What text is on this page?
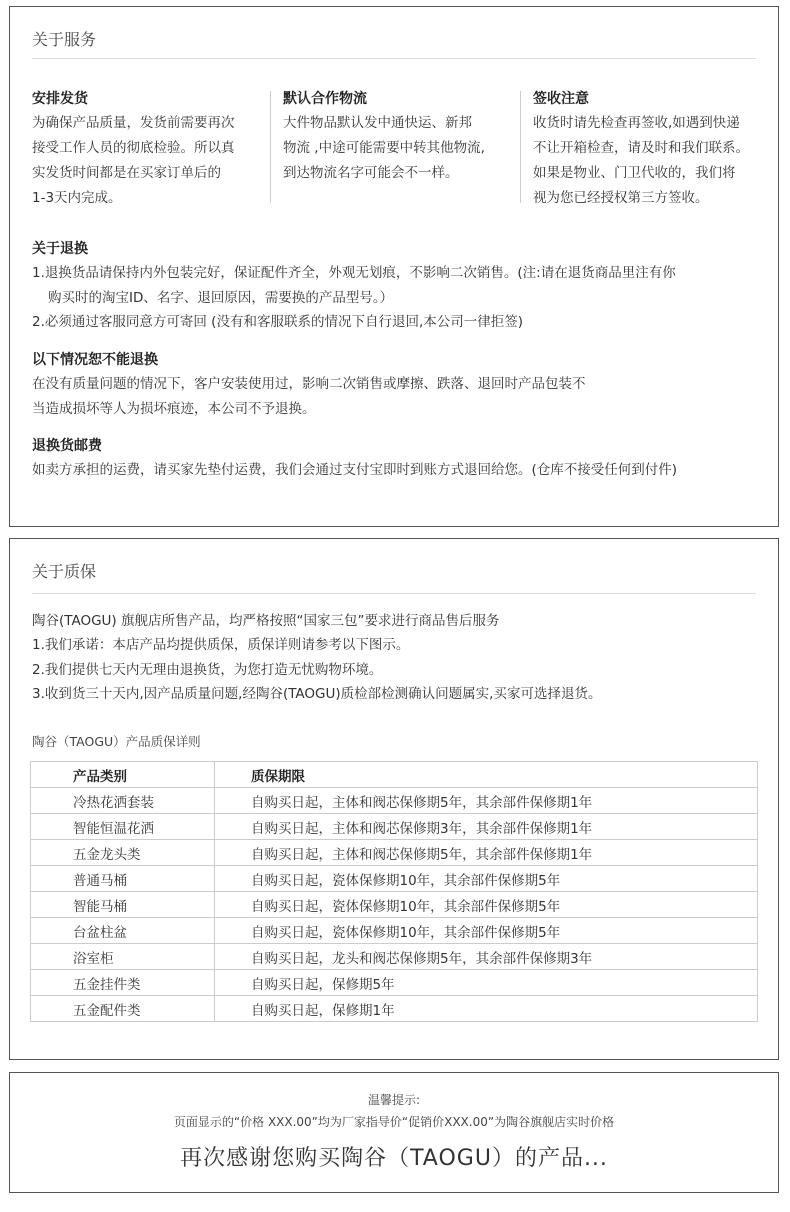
关于服务
安排发货

为确保产品质量，发货前需要再次

接受工作人员的彻底检验。所以真

实发货时间都是在买家订单后的

1-3天内完成。

默认合作物流

大件物品默认发中通快运、新邦

物流 ,中途可能需要中转其他物流,

到达物流名字可能会不一样。

签收注意

收货时请先检查再签收,如遇到快递

不让开箱检查，请及时和我们联系。

如果是物业、门卫代收的，我们将

视为您已经授权第三方签收。

关于退换

1.退换货品请保持内外包装完好，保证配件齐全，外观无划痕，不影响二次销售。(注:请在退货商品里注有你

购买时的淘宝ID、名字、退回原因，需要换的产品型号。）

2.必须通过客服同意方可寄回 (没有和客服联系的情况下自行退回,本公司一律拒签)

以下情况恕不能退换

在没有质量问题的情况下，客户安装使用过，影响二次销售或摩擦、跌落、退回时产品包装不

当造成损坏等人为损坏痕迹，本公司不予退换。

退换货邮费

如卖方承担的运费，请买家先垫付运费，我们会通过支付宝即时到账方式退回给您。(仓库不接受任何到付件)

关于质保

陶谷(TAOGU) 旗舰店所售产品，均严格按照“国家三包”要求进行商品售后服务

1.我们承诺：本店产品均提供质保，质保详则请参考以下图示。

2.我们提供七天内无理由退换货，为您打造无忧购物环境。

3.收到货三十天内,因产品质量问题,经陶谷(TAOGU)质检部检测确认问题属实,买家可选择退货。

陶谷（TAOGU）产品质保详则
产品类别	质保期限
冷热花洒套装	自购买日起，主体和阀芯保修期5年，其余部件保修期1年
智能恒温花洒	自购买日起，主体和阀芯保修期3年，其余部件保修期1年
五金龙头类	自购买日起，主体和阀芯保修期5年，其余部件保修期1年
普通马桶	自购买日起，瓷体保修期10年，其余部件保修期5年
智能马桶	自购买日起，瓷体保修期10年，其余部件保修期5年
台盆柱盆	自购买日起，瓷体保修期10年，其余部件保修期5年
浴室柜	自购买日起，龙头和阀芯保修期5年，其余部件保修期3年
五金挂件类	自购买日起，保修期5年
五金配件类	自购买日起，保修期1年
温馨提示:
页面显示的“价格 XXX.00”均为厂家指导价“促销价XXX.00”为陶谷旗舰店实时价格
再次感谢您购买陶谷（TAOGU）的产品...
